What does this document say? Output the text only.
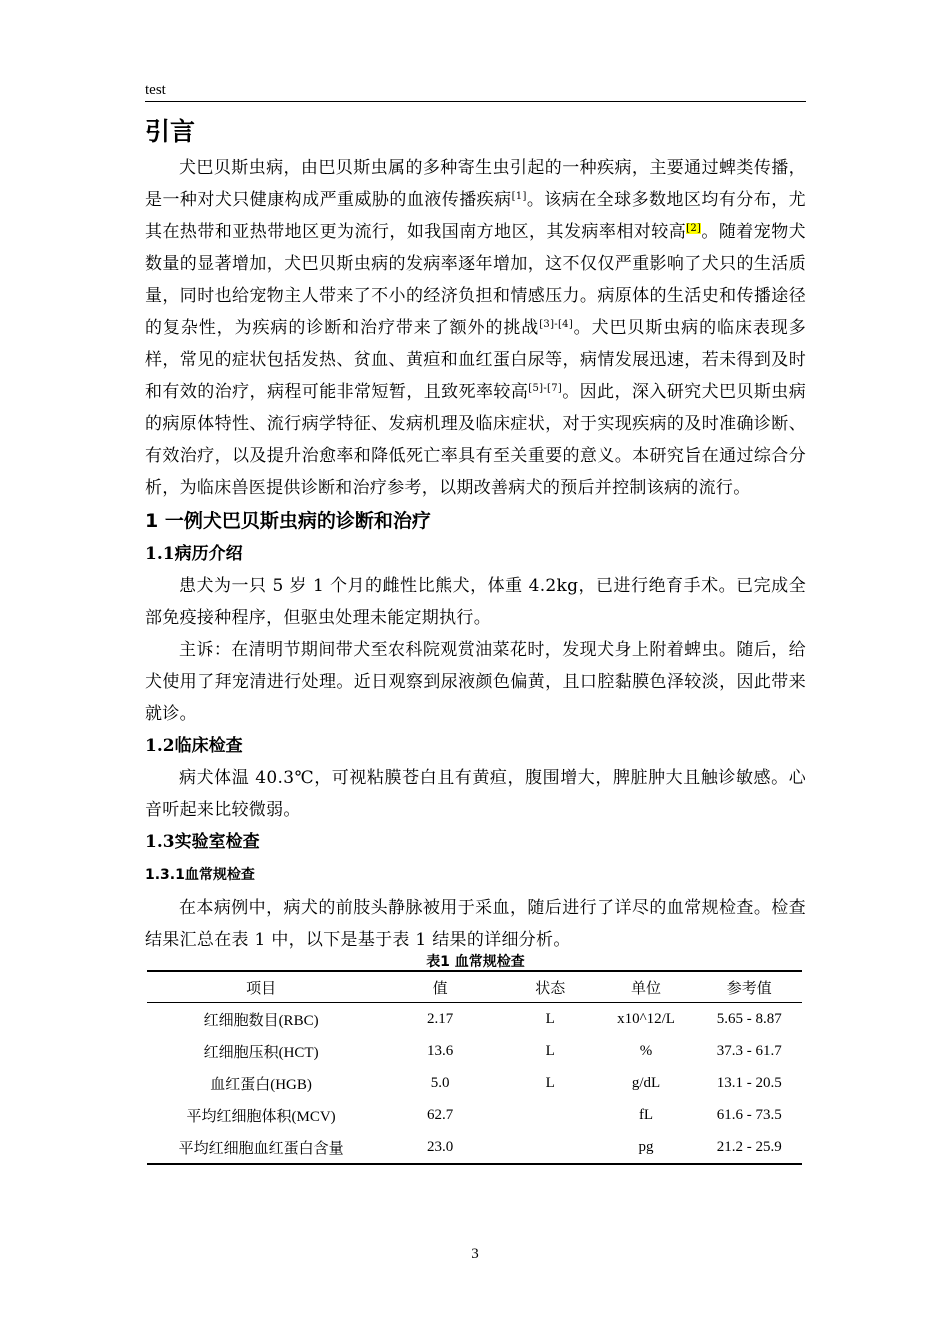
test
引言

犬巴贝斯虫病，由巴贝斯虫属的多种寄生虫引起的一种疾病，主要通过蜱类传播，是一种对犬只健康构成严重威胁的血液传播疾病[1]。该病在全球多数地区均有分布，尤其在热带和亚热带地区更为流行，如我国南方地区，其发病率相对较高[2]。随着宠物犬数量的显著增加，犬巴贝斯虫病的发病率逐年增加，这不仅仅严重影响了犬只的生活质量，同时也给宠物主人带来了不小的经济负担和情感压力。病原体的生活史和传播途径的复杂性，为疾病的诊断和治疗带来了额外的挑战[3]-[4]。犬巴贝斯虫病的临床表现多样，常见的症状包括发热、贫血、黄疸和血红蛋白尿等，病情发展迅速，若未得到及时和有效的治疗，病程可能非常短暂，且致死率较高[5]-[7]。因此，深入研究犬巴贝斯虫病的病原体特性、流行病学特征、发病机理及临床症状，对于实现疾病的及时准确诊断、有效治疗，以及提升治愈率和降低死亡率具有至关重要的意义。本研究旨在通过综合分析，为临床兽医提供诊断和治疗参考，以期改善病犬的预后并控制该病的流行。

1 一例犬巴贝斯虫病的诊断和治疗
1.1病历介绍

患犬为一只 5 岁 1 个月的雌性比熊犬，体重 4.2kg，已进行绝育手术。已完成全部免疫接种程序，但驱虫处理未能定期执行。

主诉：在清明节期间带犬至农科院观赏油菜花时，发现犬身上附着蜱虫。随后，给犬使用了拜宠清进行处理。近日观察到尿液颜色偏黄，且口腔黏膜色泽较淡，因此带来就诊。

1.2临床检查

病犬体温 40.3℃，可视粘膜苍白且有黄疸，腹围增大，脾脏肿大且触诊敏感。心音听起来比较微弱。

1.3实验室检查
1.3.1血常规检查

在本病例中，病犬的前肢头静脉被用于采血，随后进行了详尽的血常规检查。检查结果汇总在表 1 中，以下是基于表 1 结果的详细分析。

表1 血常规检查
项目	值	状态	单位	参考值
红细胞数目(RBC)	2.17	L	x10^12/L	5.65 - 8.87
红细胞压积(HCT)	13.6	L	%	37.3 - 61.7
血红蛋白(HGB)	5.0	L	g/dL	13.1 - 20.5
平均红细胞体积(MCV)	62.7		fL	61.6 - 73.5
平均红细胞血红蛋白含量	23.0		pg	21.2 - 25.9
3
